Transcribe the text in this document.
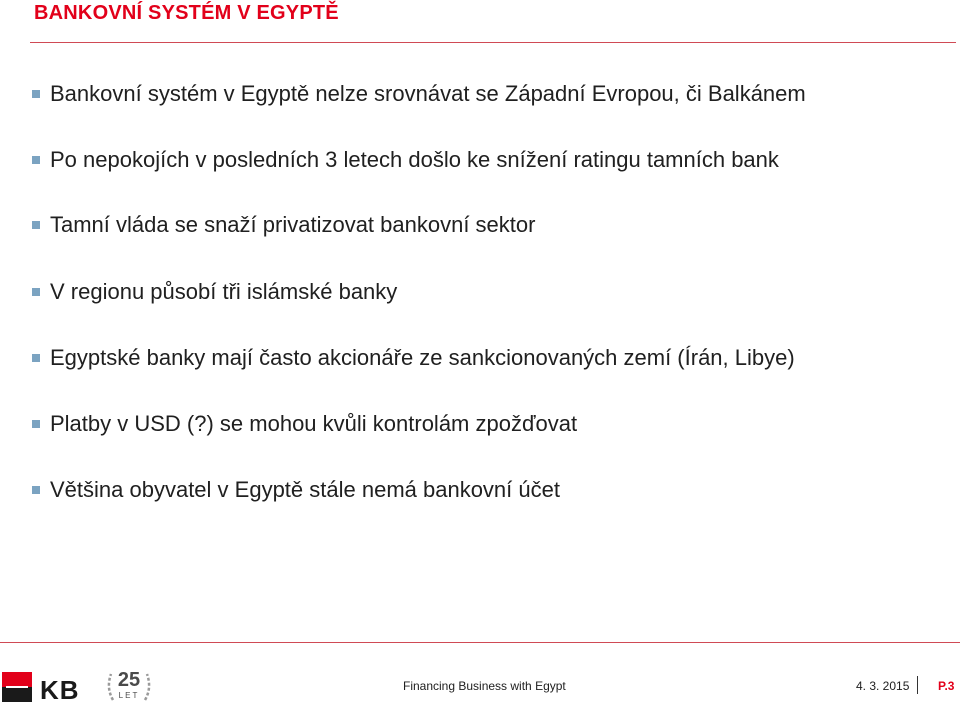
BANKOVNÍ SYSTÉM V EGYPTĚ
Bankovní systém v Egyptě nelze srovnávat se Západní Evropou, či Balkánem
Po nepokojích v posledních 3 letech došlo ke snížení ratingu tamních bank
Tamní vláda se snaží privatizovat bankovní sektor
V regionu působí tři islámské banky
Egyptské banky mají často akcionáře ze sankcionovaných zemí (Írán, Libye)
Platby v USD (?) se mohou kvůli kontrolám zpožďovat
Většina obyvatel v Egyptě stále nemá bankovní účet
KB 25
LET
Financing Business with Egypt	4. 3. 2015 P.3
